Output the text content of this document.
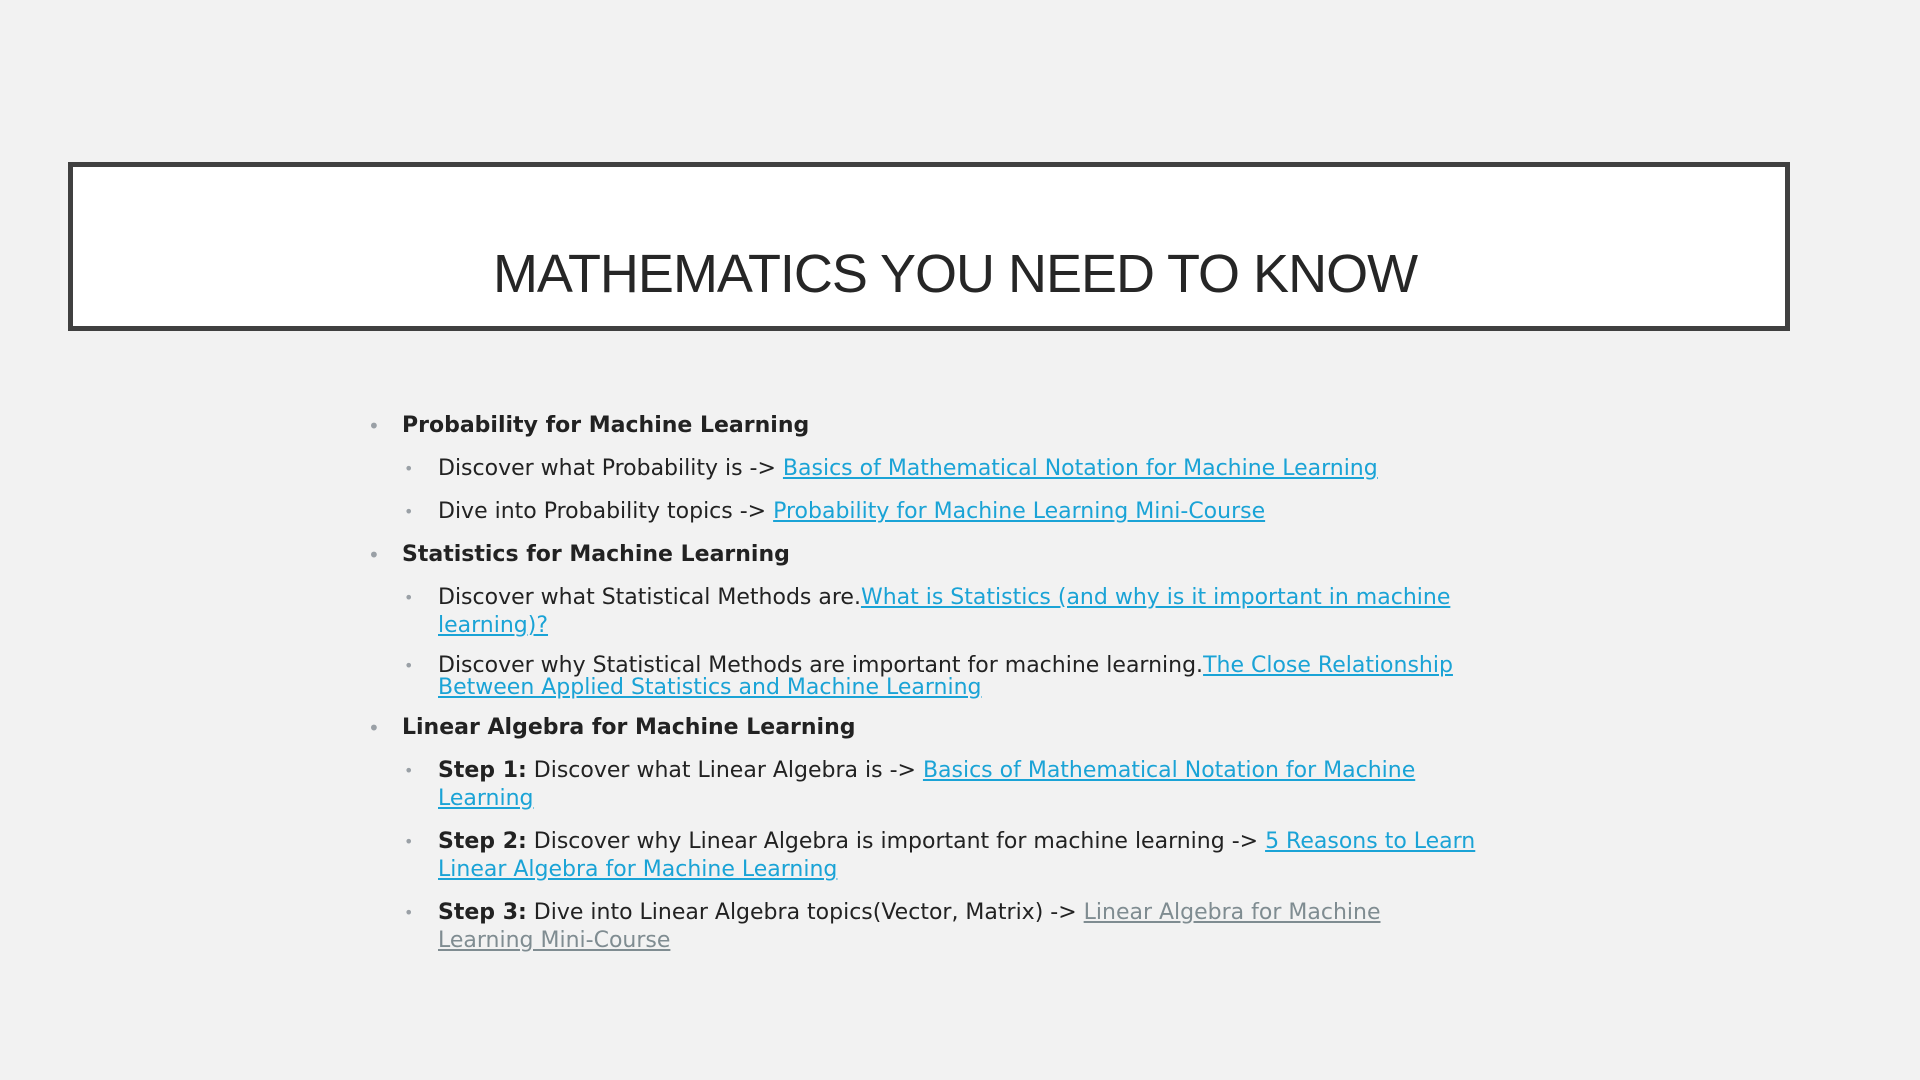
MATHEMATICS YOU NEED TO KNOW
• Probability for Machine Learning
• Discover what Probability is -> Basics of Mathematical Notation for Machine Learning
• Dive into Probability topics -> Probability for Machine Learning Mini-Course
• Statistics for Machine Learning
• Discover what Statistical Methods are.What is Statistics (and why is it important in machine learning)?
• Discover why Statistical Methods are important for machine learning.The Close Relationship Between Applied Statistics and Machine Learning
• Linear Algebra for Machine Learning
• Step 1: Discover what Linear Algebra is -> Basics of Mathematical Notation for Machine Learning
• Step 2: Discover why Linear Algebra is important for machine learning -> 5 Reasons to Learn Linear Algebra for Machine Learning
• Step 3: Dive into Linear Algebra topics(Vector, Matrix) -> Linear Algebra for Machine Learning Mini-Course
